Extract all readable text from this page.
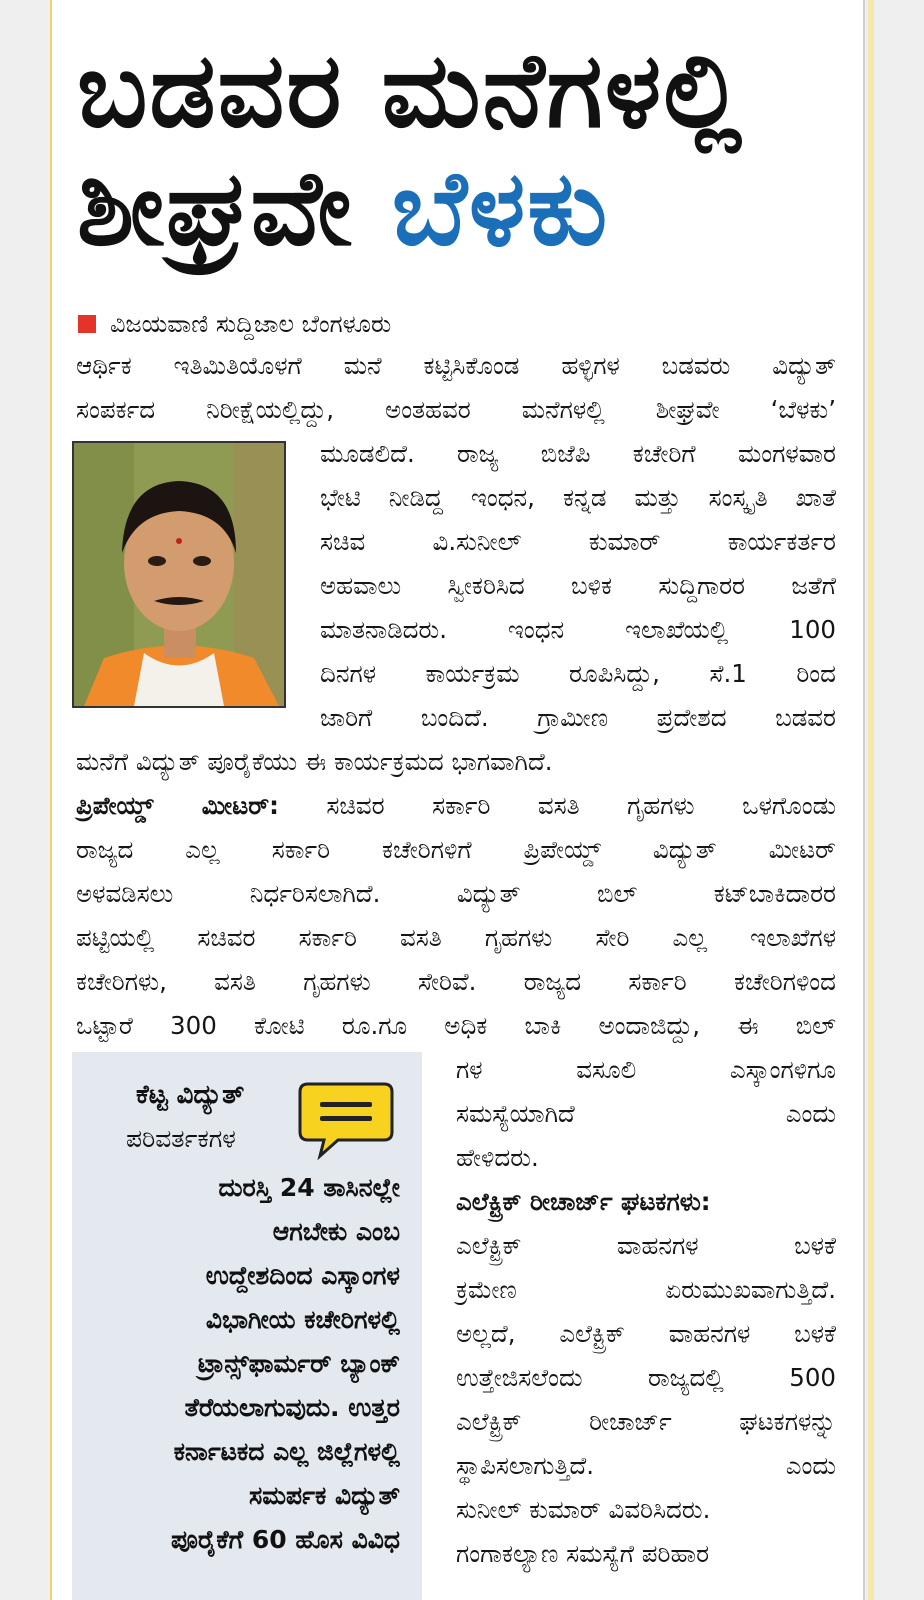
ಬಡವರ ಮನೆಗಳಲ್ಲಿ
ಶೀಘ್ರವೇ ಬೆಳಕು
ವಿಜಯವಾಣಿ ಸುದ್ದಿಜಾಲ ಬೆಂಗಳೂರು
ಆರ್ಥಿಕ ಇತಿಮಿತಿಯೊಳಗೆ ಮನೆ ಕಟ್ಟಿಸಿಕೊಂಡ ಹಳ್ಳಿಗಳ ಬಡವರು ವಿದ್ಯುತ್
ಸಂಪರ್ಕದ ನಿರೀಕ್ಷೆಯಲ್ಲಿದ್ದು, ಅಂತಹವರ ಮನೆಗಳಲ್ಲಿ ಶೀಘ್ರವೇ ‘ಬೆಳಕು’
ಮೂಡಲಿದೆ. ರಾಜ್ಯ ಬಿಜೆಪಿ ಕಚೇರಿಗೆ ಮಂಗಳವಾರ
ಭೇಟಿ ನೀಡಿದ್ದ ಇಂಧನ, ಕನ್ನಡ ಮತ್ತು ಸಂಸ್ಕೃತಿ ಖಾತೆ
ಸಚಿವ ವಿ.ಸುನೀಲ್ ಕುಮಾರ್ ಕಾರ್ಯಕರ್ತರ
ಅಹವಾಲು ಸ್ವೀಕರಿಸಿದ ಬಳಿಕ ಸುದ್ದಿಗಾರರ ಜತೆಗೆ
ಮಾತನಾಡಿದರು. ಇಂಧನ ಇಲಾಖೆಯಲ್ಲಿ 100
ದಿನಗಳ ಕಾರ್ಯಕ್ರಮ ರೂಪಿಸಿದ್ದು, ಸೆ.1 ರಿಂದ
ಜಾರಿಗೆ ಬಂದಿದೆ. ಗ್ರಾಮೀಣ ಪ್ರದೇಶದ ಬಡವರ
ಮನೆಗೆ ವಿದ್ಯುತ್ ಪೂರೈಕೆಯು ಈ ಕಾರ್ಯಕ್ರಮದ ಭಾಗವಾಗಿದೆ.
ಪ್ರಿಪೇಯ್ಡ್ ಮೀಟರ್: ಸಚಿವರ ಸರ್ಕಾರಿ ವಸತಿ ಗೃಹಗಳು ಒಳಗೊಂಡು
ರಾಜ್ಯದ ಎಲ್ಲ ಸರ್ಕಾರಿ ಕಚೇರಿಗಳಿಗೆ ಪ್ರಿಪೇಯ್ಡ್ ವಿದ್ಯುತ್ ಮೀಟರ್
ಅಳವಡಿಸಲು ನಿರ್ಧರಿಸಲಾಗಿದೆ. ವಿದ್ಯುತ್ ಬಿಲ್ ಕಟ್‌ಬಾಕಿದಾರರ
ಪಟ್ಟಿಯಲ್ಲಿ ಸಚಿವರ ಸರ್ಕಾರಿ ವಸತಿ ಗೃಹಗಳು ಸೇರಿ ಎಲ್ಲ ಇಲಾಖೆಗಳ
ಕಚೇರಿಗಳು, ವಸತಿ ಗೃಹಗಳು ಸೇರಿವೆ. ರಾಜ್ಯದ ಸರ್ಕಾರಿ ಕಚೇರಿಗಳಿಂದ
ಒಟ್ಟಾರೆ 300 ಕೋಟಿ ರೂ.ಗೂ ಅಧಿಕ ಬಾಕಿ ಅಂದಾಜಿದ್ದು, ಈ ಬಿಲ್
ಗಳ ವಸೂಲಿ ಎಸ್ಕಾಂಗಳಿಗೂ
ಸಮಸ್ಯೆಯಾಗಿದೆ ಎಂದು
ಹೇಳಿದರು.
ಎಲೆಕ್ಟ್ರಿಕ್ ರೀಚಾರ್ಜ್ ಘಟಕಗಳು:
ಎಲೆಕ್ಟ್ರಿಕ್ ವಾಹನಗಳ ಬಳಕೆ
ಕ್ರಮೇಣ ಏರುಮುಖವಾಗುತ್ತಿದೆ.
ಅಲ್ಲದೆ, ಎಲೆಕ್ಟ್ರಿಕ್ ವಾಹನಗಳ ಬಳಕೆ
ಉತ್ತೇಜಿಸಲೆಂದು ರಾಜ್ಯದಲ್ಲಿ 500
ಎಲೆಕ್ಟ್ರಿಕ್ ರೀಚಾರ್ಜ್ ಘಟಕಗಳನ್ನು
ಸ್ಥಾಪಿಸಲಾಗುತ್ತಿದೆ. ಎಂದು
ಸುನೀಲ್ ಕುಮಾರ್ ವಿವರಿಸಿದರು.
ಗಂಗಾಕಲ್ಯಾಣ ಸಮಸ್ಯೆಗೆ ಪರಿಹಾರ
ಕೆಟ್ಟ ವಿದ್ಯುತ್
ಪರಿವರ್ತಕಗಳ
ದುರಸ್ತಿ 24 ತಾಸಿನಲ್ಲೇ
ಆಗಬೇಕು ಎಂಬ
ಉದ್ದೇಶದಿಂದ ಎಸ್ಕಾಂಗಳ
ವಿಭಾಗೀಯ ಕಚೇರಿಗಳಲ್ಲಿ
ಟ್ರಾನ್ಸ್‌ಫಾರ್ಮರ್ ಬ್ಯಾಂಕ್
ತೆರೆಯಲಾಗುವುದು. ಉತ್ತರ
ಕರ್ನಾಟಕದ ಎಲ್ಲ ಜಿಲ್ಲೆಗಳಲ್ಲಿ
ಸಮರ್ಪಕ ವಿದ್ಯುತ್
ಪೂರೈಕೆಗೆ 60 ಹೊಸ ವಿವಿಧ
